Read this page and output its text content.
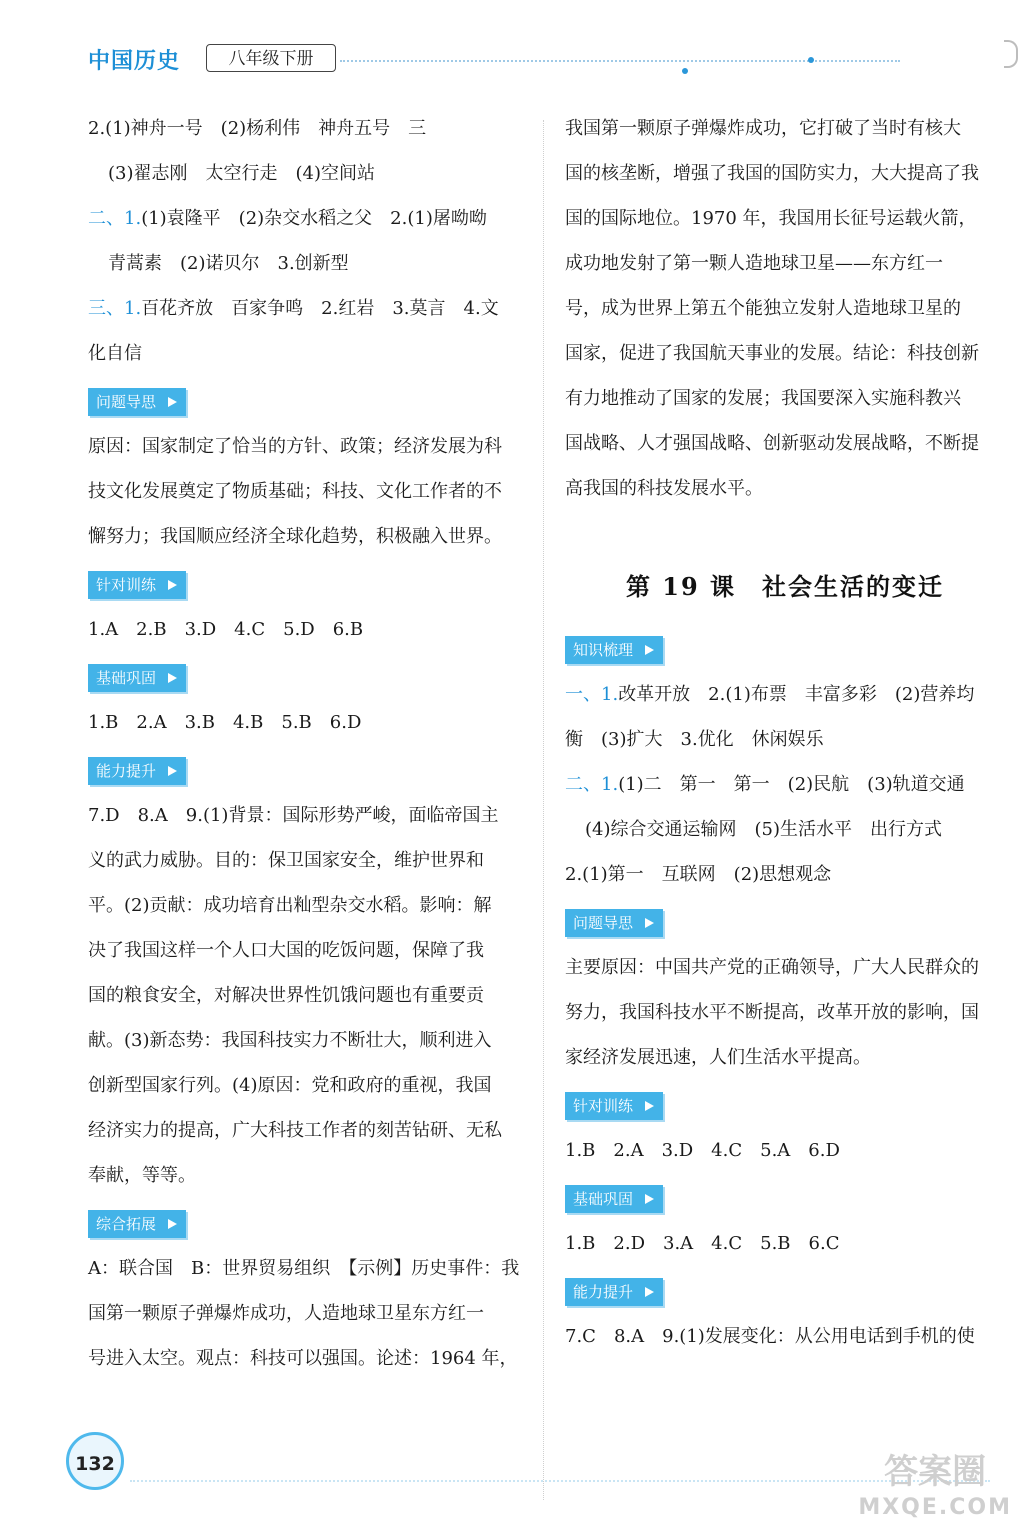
中国历史	八年级下册
2.(1)神舟一号　(2)杨利伟　神舟五号　三
(3)翟志刚　太空行走　(4)空间站
二、1.(1)袁隆平　(2)杂交水稻之父　2.(1)屠呦呦
青蒿素　(2)诺贝尔　3.创新型
三、1.百花齐放　百家争鸣　2.红岩　3.莫言　4.文
化自信
问题导思
原因：国家制定了恰当的方针、政策；经济发展为科
技文化发展奠定了物质基础；科技、文化工作者的不
懈努力；我国顺应经济全球化趋势，积极融入世界。
针对训练
1.A　2.B　3.D　4.C　5.D　6.B
基础巩固
1.B　2.A　3.B　4.B　5.B　6.D
能力提升
7.D　8.A　9.(1)背景：国际形势严峻，面临帝国主
义的武力威胁。目的：保卫国家安全，维护世界和
平。(2)贡献：成功培育出籼型杂交水稻。影响：解
决了我国这样一个人口大国的吃饭问题，保障了我
国的粮食安全，对解决世界性饥饿问题也有重要贡
献。(3)新态势：我国科技实力不断壮大，顺利进入
创新型国家行列。(4)原因：党和政府的重视，我国
经济实力的提高，广大科技工作者的刻苦钻研、无私
奉献，等等。
综合拓展
A：联合国　B：世界贸易组织　【示例】历史事件：我
国第一颗原子弹爆炸成功，人造地球卫星东方红一
号进入太空。观点：科技可以强国。论述：1964 年，
我国第一颗原子弹爆炸成功，它打破了当时有核大
国的核垄断，增强了我国的国防实力，大大提高了我
国的国际地位。1970 年，我国用长征号运载火箭，
成功地发射了第一颗人造地球卫星——东方红一
号，成为世界上第五个能独立发射人造地球卫星的
国家，促进了我国航天事业的发展。结论：科技创新
有力地推动了国家的发展；我国要深入实施科教兴
国战略、人才强国战略、创新驱动发展战略，不断提
高我国的科技发展水平。
第 19 课　社会生活的变迁
知识梳理
一、1.改革开放　2.(1)布票　丰富多彩　(2)营养均
衡　(3)扩大　3.优化　休闲娱乐
二、1.(1)二　第一　第一　(2)民航　(3)轨道交通
(4)综合交通运输网　(5)生活水平　出行方式
2.(1)第一　互联网　(2)思想观念
问题导思
主要原因：中国共产党的正确领导，广大人民群众的
努力，我国科技水平不断提高，改革开放的影响，国
家经济发展迅速，人们生活水平提高。
针对训练
1.B　2.A　3.D　4.C　5.A　6.D
基础巩固
1.B　2.D　3.A　4.C　5.B　6.C
能力提升
7.C　8.A　9.(1)发展变化：从公用电话到手机的使
132	答案圈
MXQE.COM
